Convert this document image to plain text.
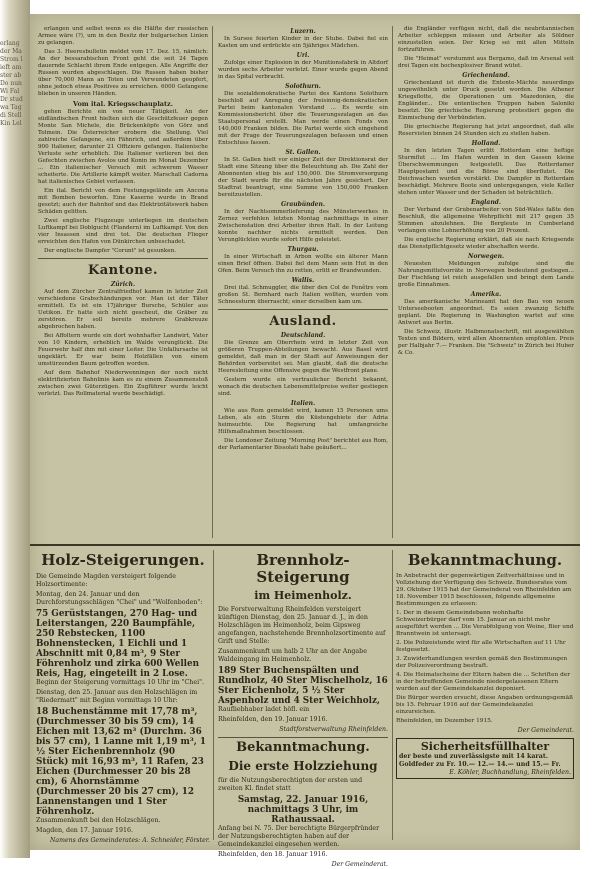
erlang der Ma Strom lieft am ster ab Do nun Wi Fal Dr stud wa Tag di Stell Kin Lel

erlangen und selbst wenn es die Hälfte der russischen Armee wäre (?), um in den Besitz der bulgarischen Linien zu gelangen.

Das 3. Heeresbulletin meldet vom 17. Dez. 15, nämlich: An der bessarabischen Front geht die seit 24 Tagen dauernde Schlacht ihrem Ende entgegen. Alle Angriffe der Russen wurden abgeschlagen. Die Russen haben bisher über 70,000 Mann an Toten und Verwundeten geopfert, ohne jedoch etwas Positives zu erreichen. 6000 Gefangene blieben in unseren Händen.

Vom ital. Kriegsschauplatz.

gehen Berichte ein von neuer Tätigkeit. An der südländischen Front hielten sich die Geschützfeuer gegen Monte San Michele, die Brückenköpfe von Görz und Tolmein. Die Österreicher erobern die Stellung. Viel zahlreiche Gefangene, ein Fähnrich, und außerdem über 900 Italiener, darunter 21 Offiziere gefangen. Italienische Verluste sehr erheblich. Die Italiener verlieren bei den Gefechten zwischen Avolos und Konin im Monat Dezember ... Ein italienischer Versuch mit schwerem Wasser scheiterte. Die Artillerie kämpft weiter. Marschall Cadorna hat italienisches Gebiet verlassen.

Ein ital. Bericht von dem Festungsgelände am Ancona mit Bomben beworfen. Eine Kaserne wurde in Brand gesetzt; auch der Bahnhof und das Elektrizitätswerk haben Schäden gelitten.

Zwei englische Flugzeuge unterliegen im deutschen Luftkampf bei Doblgucht (Flandern) im Luftkampf. Von den vier Insassen sind drei tot. Die deutschen Flieger erreichten den Hafen von Dünkirchen unbeschadet.

Der englische Dampfer "Corunt" ist gesunken.

Kantone.
Zürich.

Auf dem Zürcher Zentralfriedhof kamen in letzter Zeit verschiedene Grabschändungen vor. Man ist der Täter ermittelt. Es ist ein 17jähriger Bursche, Schüler aus Uetikon. Er hatte sich nicht gescheut, die Gräber zu zerstören. Er soll bereits mehrere Grabkreuze abgebrochen haben.

Bei Affoltern wurde ein dort wohnhafter Landwirt, Vater von 10 Kindern, erheblich im Walde verunglückt. Die Feuerwehr half ihm mit einer Leiter. Die Unfallursache ist ungeklärt. Er war beim Holzfällen von einem umstürzenden Baum getroffen worden.

Auf dem Bahnhof Niederwenningen der noch nicht elektrifizierten Bahnlinie kam es zu einem Zusammenstoß zwischen zwei Güterzügen. Ein Zugführer wurde leicht verletzt. Das Rollmaterial wurde beschädigt.

Luzern.

In Sursee feierten Kinder in der Stube. Dabei fiel ein Kasten um und erdrückte ein 5jähriges Mädchen.

Uri.

Zufolge einer Explosion in der Munitionsfabrik in Altdorf wurden sechs Arbeiter verletzt. Einer wurde gegen Abend in das Spital verbracht.

Solothurn.

Die sozialdemokratische Partei des Kantons Solothurn beschloß auf Anregung der freisinnig-demokratischen Partei beim kantonalen Vorstand ... Es werde ein Kommissionsbericht über die Teuerungszulagen an das Staatspersonal erstellt. Man werde einen Fonds von 140,000 Franken bilden. Die Partei werde sich eingehend mit der Frage der Teuerungszulagen befassen und einen Entschluss fassen.

St. Gallen.

In St. Gallen hielt vor einiger Zeit der Direktionsrat der Stadt eine Sitzung über die Beleuchtung ab. Die Zahl der Abonnenten stieg bis auf 150,000. Die Stromversorgung der Stadt wurde für die nächsten Jahre gesichert. Der Stadtrat beantragt, eine Summe von 150,000 Franken bereitzustellen.

Graubünden.

In der Nachtsommerlieferung des Münsterwerkes in Zernez verfehlen letzten Montag nachmittags in einer Zwischenstation drei Arbeiter ihren Halt. In der Leitung konnte nachher nichts ermittelt werden. Den Verunglückten wurde sofort Hilfe geleistet.

Thurgau.

In einer Wirtschaft in Arbon wollte ein älterer Mann einen Brief öffnen. Dabei fiel dem Mann sein Hut in den Ofen. Beim Versuch ihn zu retten, erlitt er Brandwunden.

Wallis.

Drei ital. Schmuggler, die über den Col de Fenêtre vom großen St. Bernhard nach Italien wollten, wurden vom Schneesturm überrascht; einer derselben kam um.

Ausland.
Deutschland.

Die Grenze am Oberrhein wird in letzter Zeit von größeren Truppen-Abteilungen bewacht. Aus Basel wird gemeldet, daß man in der Stadt auf Anweisungen der Behörden vorbereitet sei. Man glaubt, daß die deutsche Heeresleitung eine Offensive gegen die Westfront plane.

Gestern wurde ein vertraulicher Bericht bekannt, wonach die deutschen Lebensmittelpreise weiter gestiegen sind.

Italien.

Wie aus Rom gemeldet wird, kamen 15 Personen ums Leben, als ein Sturm die Küstengebiete der Adria heimsuchte. Die Regierung hat umfangreiche Hilfsmaßnahmen beschlossen.

Die Londoner Zeitung "Morning Post" berichtet aus Rom, der Parlamentarier Bissolati habe geäußert...

die Engländer verfügen nicht, daß die neubritannischen Arbeiter schleppen müssen und Arbeiter als Söldner einzustellen seien. Der Krieg sei mit allen Mitteln fortzuführen.

Die "Heimat" verstummt aus Bergamo, daß im Arsenal seit drei Tagen ein hochexplosiver Brand wütet.

Griechenland.

Griechenland ist durch die Entente-Mächte neuerdings ungewöhnlich unter Druck gesetzt worden. Die Athener Kriegsflotte, die Operationen um Mazedonien, die Engländer... Die ententischen Truppen haben Saloniki besetzt. Die griechische Regierung protestiert gegen die Einmischung der Verbündeten.

Die griechische Regierung hat jetzt angeordnet, daß alle Reservisten binnen 24 Stunden sich zu stellen haben.

Holland.

In den letzten Tagen erlitt Rotterdam eine heftige Sturmflut ... Im Hafen wurden in den Gassen kleine Überschwemmungen festgestellt. Das Rotterdamer Hauptpostamt und die Börse sind überflutet. Die Deichwachen wurden verstärkt. Die Dampfer in Rotterdam beschädigt. Mehrere Boote sind untergegangen, viele Keller stehen unter Wasser und der Schaden ist beträchtlich.

England.

Der Verband der Grubenarbeiter von Süd-Wales faßte den Beschluß, die allgemeine Wehrpflicht mit 217 gegen 35 Stimmen abzulehnen. Die Bergleute in Cumberland verlangen eine Lohnerhöhung von 20 Prozent.

Die englische Regierung erklärt, daß sie nach Kriegsende das Dienstpflichtgesetz wieder abschaffen werde.

Norwegen.

Neuesten Meldungen zufolge sind die Nahrungsmittelvorräte in Norwegen bedeutend gestiegen... Der Fischfang ist reich ausgefallen und bringt dem Lande große Einnahmen.

Amerika.

Das amerikanische Marineamt hat den Bau von neuen Unterseebooten angeordnet. Es seien zwanzig Schiffe geplant. Die Regierung in Washington wartet auf eine Antwort aus Berlin.

Die Schweiz, illustr. Halbmonatsschrift, mit ausgewählten Texten und Bildern, wird allen Abonnenten empfohlen. Preis per Halbjahr 7.— Franken. Die "Schweiz" in Zürich bei Huber & Co.

Holz-Steigerungen.

Die Gemeinde Magden versteigert folgende Holzsortimente:

Montag, den 24. Januar und den Durchforstungsschlägen "Chei" und "Wolfenboden":

75 Gerüststangen, 270 Hag- und Leiterstangen, 220 Baumpfähle, 250 Rebstecken, 1100 Bohnenstecken, 1 Eichli und 1 Abschnitt mit 0,84 m³, 9 Ster Föhrenholz und zirka 600 Wellen Reis, Hag, eingeteilt in 2 Lose.

Beginn der Steigerung vormittags 10 Uhr im "Chei".

Dienstag, den 25. Januar aus den Holzschlägen im "Riedermatt" mit Beginn vormittags 10 Uhr:

18 Buchenstämme mit 17,78 m³, (Durchmesser 30 bis 59 cm), 14 Eichen mit 13,62 m³ (Durchm. 36 bis 57 cm), 1 Lanne mit 1,19 m³, 1 ½ Ster Eichenbrennholz (90 Stück) mit 16,93 m³, 11 Rafen, 23 Eichen (Durchmesser 20 bis 28 cm), 6 Ahornstämme (Durchmesser 20 bis 27 cm), 12 Lannenstangen und 1 Ster Föhrenholz.

Zusammenkunft bei den Holzschlägen.

Magden, den 17. Januar 1916.

Namens des Gemeinderates: A. Schneider, Förster.
Brennholz-Steigerung
im Heimenholz.

Die Forstverwaltung Rheinfelden versteigert künftigen Dienstag, den 25. Januar d. J., in den Holzschlägen im Heimenholz, beim Gipsweg angefangen, nachstehende Brennholzsortimente auf Grift und Stelle:

Zusammenkunft um halb 2 Uhr an der Angabe Waldeingang im Heimenholz.

189 Ster Buchenspälten und Rundholz, 40 Ster Mischelholz, 16 Ster Eichenholz, 5 ½ Ster Aspenholz und 4 Ster Weichholz,

Raufliebhaber ladet höfl. ein

Rheinfelden, den 19. Januar 1916.

Stadtforstverwaltung Rheinfelden.
Bekanntmachung.
Die erste Holzziehung

für die Nutzungsberechtigten der ersten und zweiten Kl. findet statt

Samstag, 22. Januar 1916, nachmittags 3 Uhr, im Rathaussaal.

Anfang bei N. 75. Der berechtigte Bürgerpfründer der Nutzungsberechtigten haben auf der Gemeindekanzlei eingesehen werden.

Rheinfelden, den 18. Januar 1916.

Der Gemeinderat.
Bekanntmachung.

In Anbetracht der gegenwärtigen Zeitverhältnisse und in Vollziehung der Verfügung des Schweiz. Bundesrates vom 29. Oktober 1915 hat der Gemeinderat von Rheinfelden am 18. November 1915 beschlossen, folgende allgemeine Bestimmungen zu erlassen:

1. Der in diesem Gemeindebann wohnhafte Schweizerbürger darf vom 15. Januar an nicht mehr ausgeführt werden ... Die Verabfolgung von Weine, Bier und Branntwein ist untersagt.

2. Die Polizeistunde wird für alle Wirtschaften auf 11 Uhr festgesetzt.

3. Zuwiderhandlungen werden gemäß den Bestimmungen der Polizeiverordnung bestraft.

4. Die Heimatscheine der Eltern haben die ... Schriften der in der betreffenden Gemeinde niedergelassenen Eltern wurden auf der Gemeindekanzlei deponiert.

Die Bürger werden ersucht, diese Angaben ordnungsgemäß bis 15. Februar 1916 auf der Gemeindekanzlei einzureichen.

Rheinfelden, im Dezember 1915.

Der Gemeinderat.
Sicherheitsfüllhalter
der beste und zuverlässigste mit 14 karat. Goldfeder zu Fr. 10.— 12.— 14.— und 15.— Fr.
E. Köhler, Buchhandlung, Rheinfelden.
